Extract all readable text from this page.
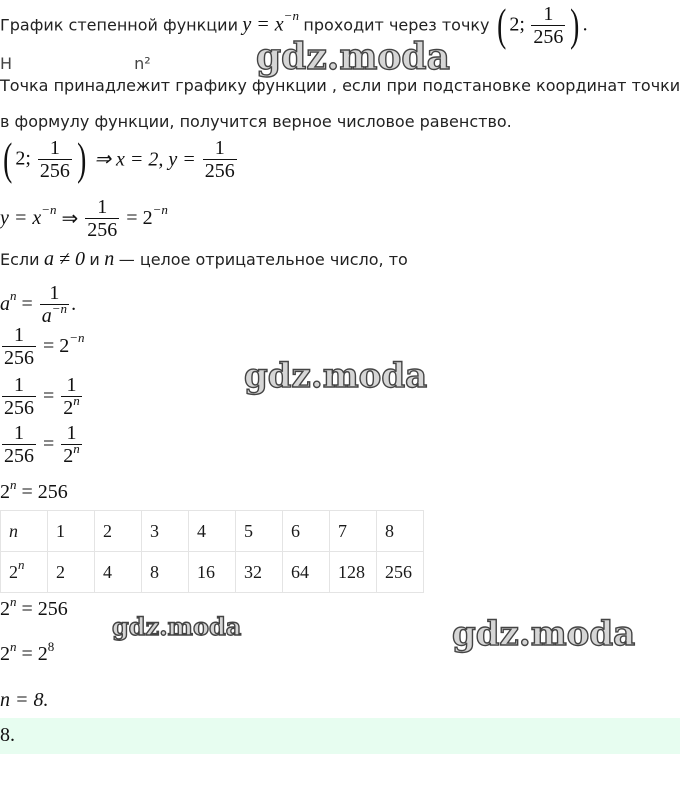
График степенной функции $y = x^{-n}$ проходит через точку ( 2; $\frac{1}{256}$ ) .
Н                        n²
Точка принадлежит графику функции , если при подстановке координат точки
в формулу функции, получится верное числовое равенство.
( 2; $\frac{1}{256}$ ) ⇒ x = 2, $y = \frac{1}{256}$
$y = x^{-n}$ ⇒ $\frac{1}{256} = 2^{-n}$
Если a ≠ 0 и n — целое отрицательное число, то
$a^n = \frac{1}{a^{-n}}$ .
$\frac{1}{256} = 2^{-n}$
$\frac{1}{256} = \frac{1}{2^n}$
$\frac{1}{256} = \frac{1}{2^n}$
$2^n = 256$
n	1	2	3	4	5	6	7	8
2$^n$	2	4	8	16	32	64	128	256
$2^n = 256$
$2^n = 2^8$
n = 8.
8.
gdz.moda
gdz.moda
gdz.moda	gdz.moda
